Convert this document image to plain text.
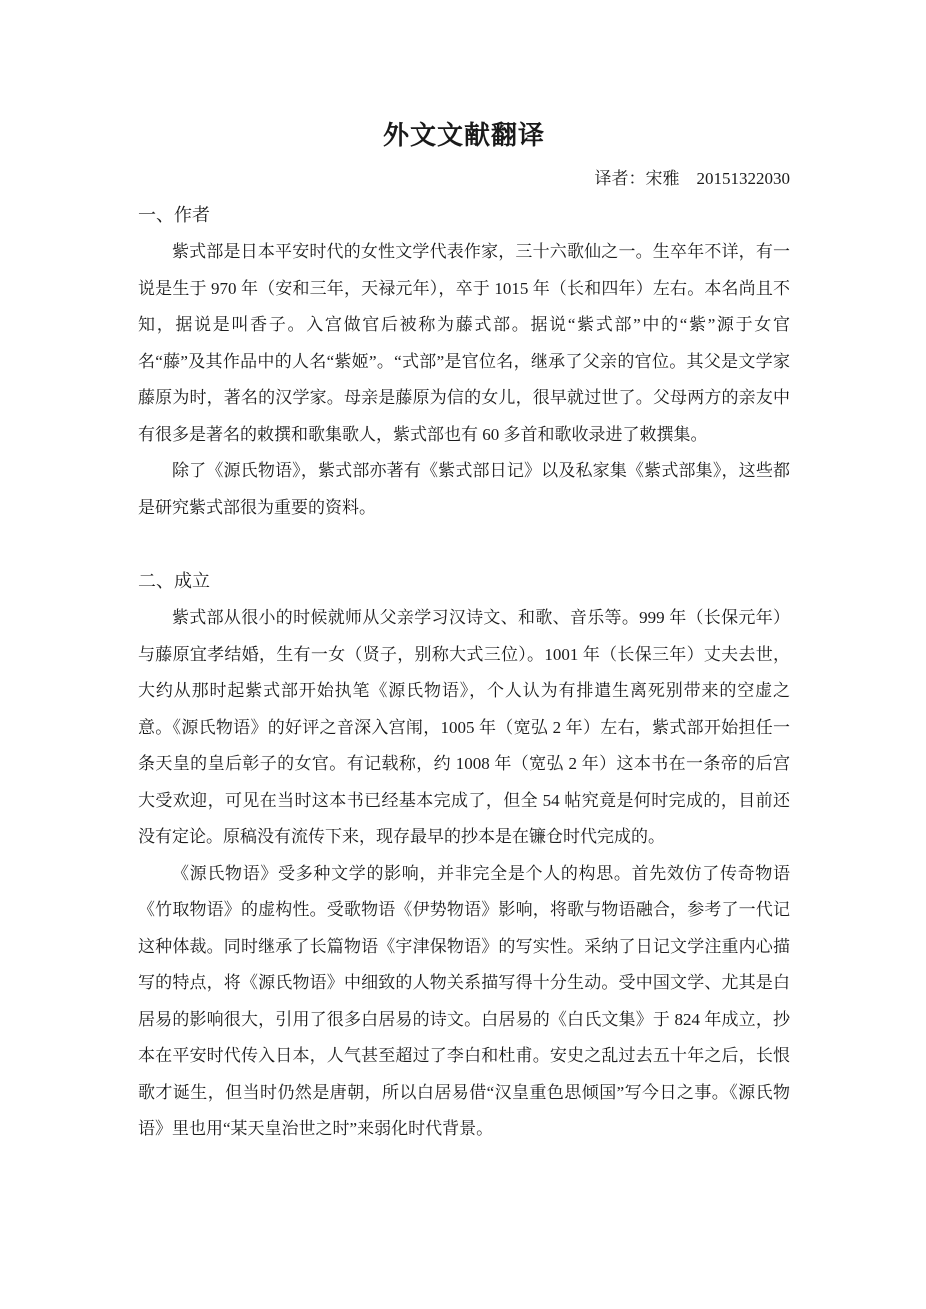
外文文献翻译
译者：宋雅　20151322030
一、作者

紫式部是日本平安时代的女性文学代表作家，三十六歌仙之一。生卒年不详，有一说是生于 970 年（安和三年，天禄元年），卒于 1015 年（长和四年）左右。本名尚且不知，据说是叫香子。入宫做官后被称为藤式部。据说“紫式部”中的“紫”源于女官名“藤”及其作品中的人名“紫姬”。“式部”是官位名，继承了父亲的官位。其父是文学家藤原为时，著名的汉学家。母亲是藤原为信的女儿，很早就过世了。父母两方的亲友中有很多是著名的敕撰和歌集歌人，紫式部也有 60 多首和歌收录进了敕撰集。

除了《源氏物语》，紫式部亦著有《紫式部日记》以及私家集《紫式部集》，这些都是研究紫式部很为重要的资料。

二、成立

紫式部从很小的时候就师从父亲学习汉诗文、和歌、音乐等。999 年（长保元年）与藤原宜孝结婚，生有一女（贤子，别称大式三位）。1001 年（长保三年）丈夫去世，大约从那时起紫式部开始执笔《源氏物语》，个人认为有排遣生离死别带来的空虚之意。《源氏物语》的好评之音深入宫闱，1005 年（宽弘 2 年）左右，紫式部开始担任一条天皇的皇后彰子的女官。有记载称，约 1008 年（宽弘 2 年）这本书在一条帝的后宫大受欢迎，可见在当时这本书已经基本完成了，但全 54 帖究竟是何时完成的，目前还没有定论。原稿没有流传下来，现存最早的抄本是在镰仓时代完成的。

《源氏物语》受多种文学的影响，并非完全是个人的构思。首先效仿了传奇物语《竹取物语》的虚构性。受歌物语《伊势物语》影响，将歌与物语融合，参考了一代记这种体裁。同时继承了长篇物语《宇津保物语》的写实性。采纳了日记文学注重内心描写的特点，将《源氏物语》中细致的人物关系描写得十分生动。受中国文学、尤其是白居易的影响很大，引用了很多白居易的诗文。白居易的《白氏文集》于 824 年成立，抄本在平安时代传入日本，人气甚至超过了李白和杜甫。安史之乱过去五十年之后，长恨歌才诞生，但当时仍然是唐朝，所以白居易借“汉皇重色思倾国”写今日之事。《源氏物语》里也用“某天皇治世之时”来弱化时代背景。
